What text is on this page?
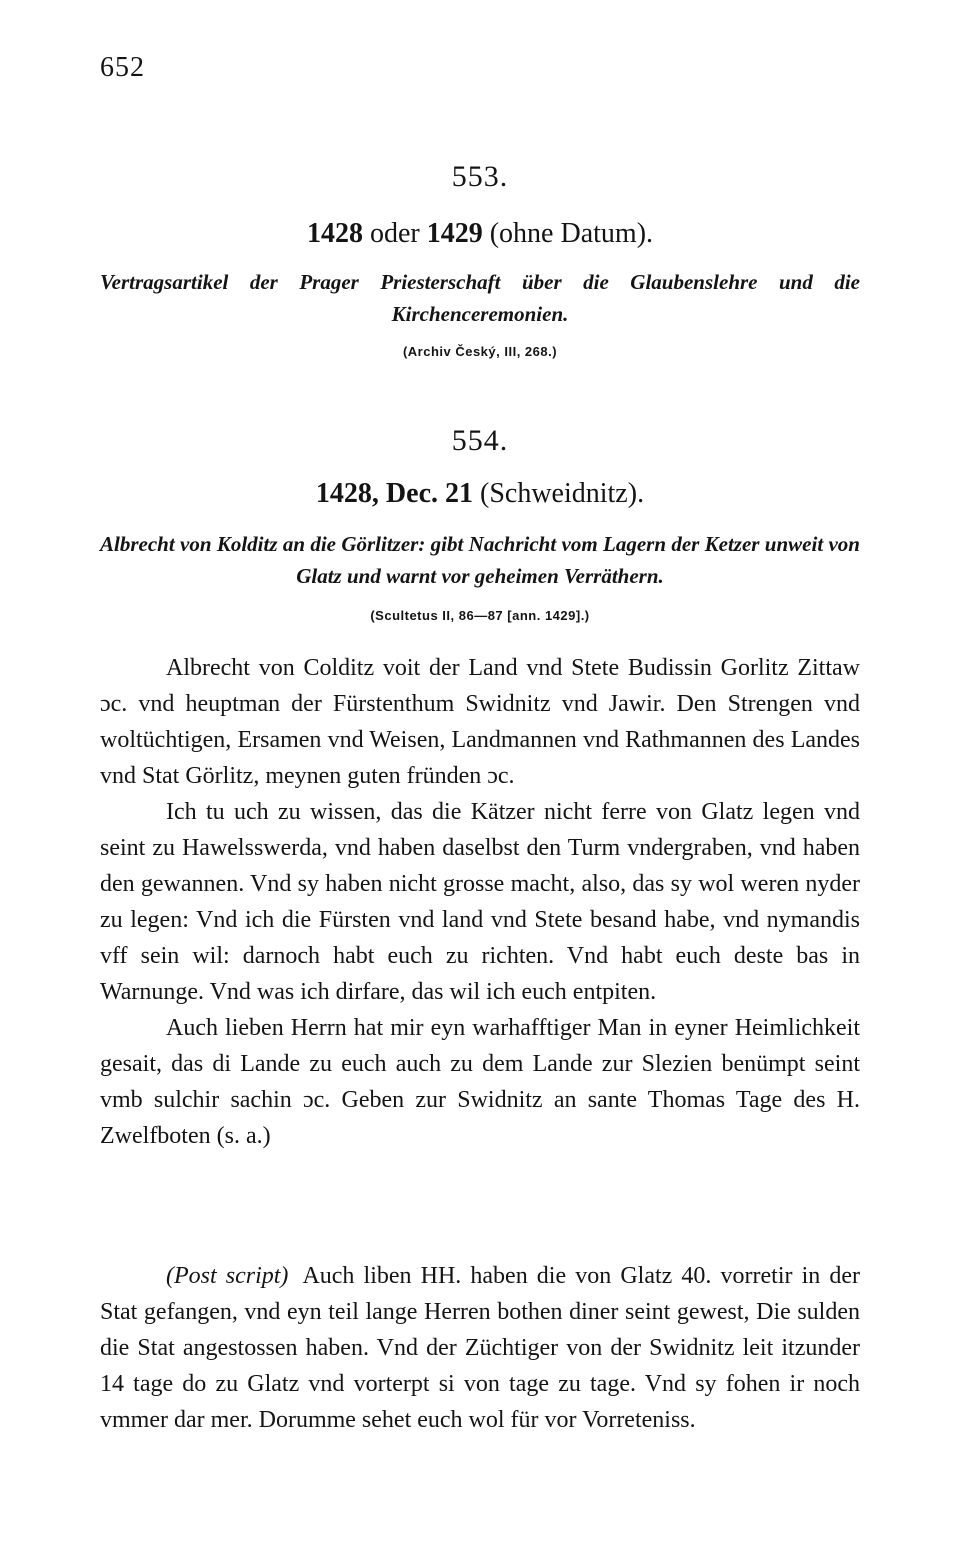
652
553.
1428 oder 1429 (ohne Datum).
Vertragsartikel der Prager Priesterschaft über die Glaubenslehre und die Kirchenceremonien.
(Archiv Český, III, 268.)
554.
1428, Dec. 21 (Schweidnitz).
Albrecht von Kolditz an die Görlitzer: gibt Nachricht vom Lagern der Ketzer unweit von Glatz und warnt vor geheimen Verräthern.
(Scultetus II, 86—87 [ann. 1429].)

Albrecht von Colditz voit der Land vnd Stete Budissin Gorlitz Zittaw ɔc. vnd heuptman der Fürstenthum Swidnitz vnd Jawir. Den Strengen vnd woltüchtigen, Ersamen vnd Weisen, Landmannen vnd Rathmannen des Landes vnd Stat Görlitz, meynen guten fründen ɔc.

Ich tu uch zu wissen, das die Kätzer nicht ferre von Glatz legen vnd seint zu Hawelsswerda, vnd haben daselbst den Turm vndergraben, vnd haben den gewannen. Vnd sy haben nicht grosse macht, also, das sy wol weren nyder zu legen: Vnd ich die Fürsten vnd land vnd Stete besand habe, vnd nymandis vff sein wil: darnoch habt euch zu richten. Vnd habt euch deste bas in Warnunge. Vnd was ich dirfare, das wil ich euch entpiten.

Auch lieben Herrn hat mir eyn warhafftiger Man in eyner Heimlichkeit gesait, das di Lande zu euch auch zu dem Lande zur Slezien benümpt seint vmb sulchir sachin ɔc. Geben zur Swidnitz an sante Thomas Tage des H. Zwelfboten (s. a.)

(Post script) Auch liben HH. haben die von Glatz 40. vorretir in der Stat gefangen, vnd eyn teil lange Herren bothen diner seint gewest, Die sulden die Stat angestossen haben. Vnd der Züchtiger von der Swidnitz leit itzunder 14 tage do zu Glatz vnd vorterpt si von tage zu tage. Vnd sy fohen ir noch vmmer dar mer. Dorumme sehet euch wol für vor Vorreteniss.
